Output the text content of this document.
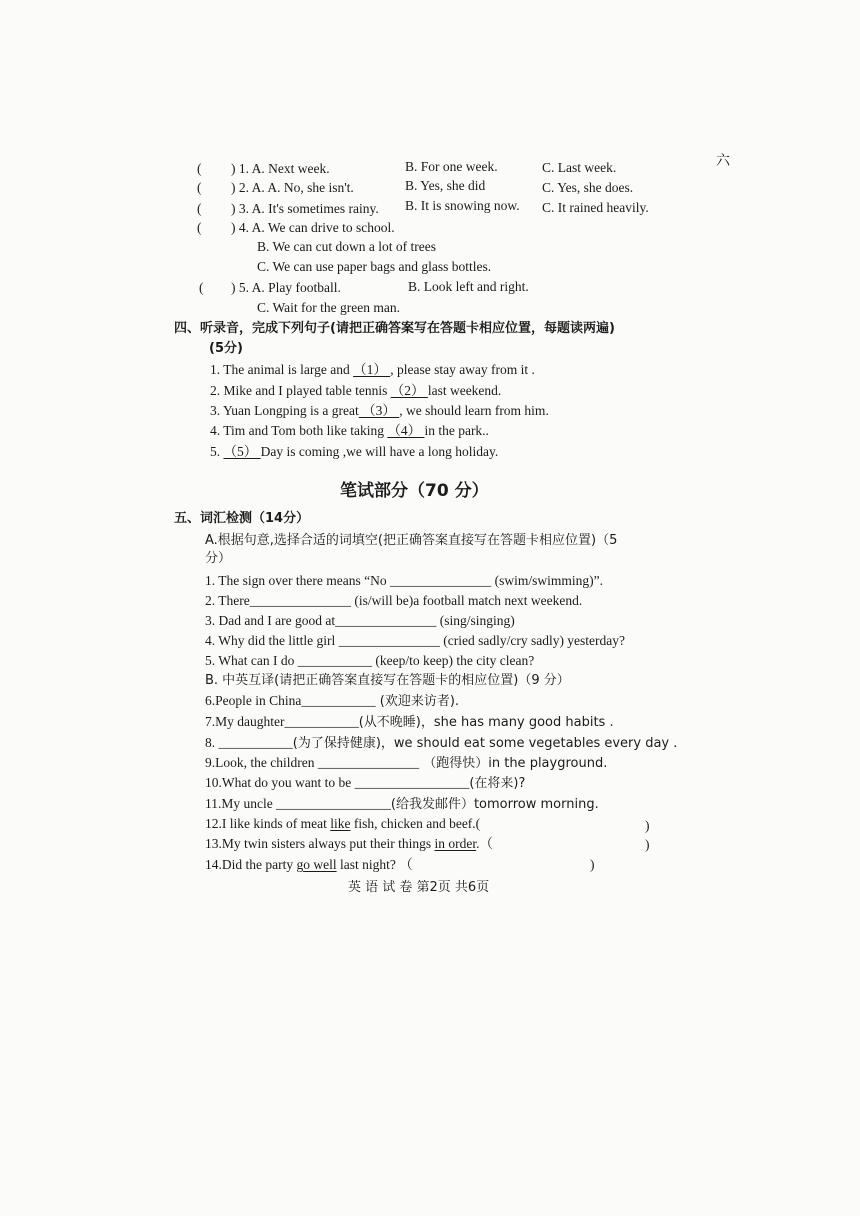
六
( ) 1. A. Next week.	B. For one week.	C. Last week.
( ) 2. A. A. No, she isn't.	B. Yes, she did	C. Yes, she does.
( ) 3. A. It's sometimes rainy. B. It is snowing now. C. It rained heavily.
( ) 4. A. We can drive to school.
B. We can cut down a lot of trees
C. We can use paper bags and glass bottles.
( ) 5. A. Play football.	B. Look left and right.
C. Wait for the green man.
四、听录音，完成下列句子(请把正确答案写在答题卡相应位置，每题读两遍)
(5分)
1. The animal is large and （1） , please stay away from it .
2. Mike and I played table tennis （2） last weekend.
3. Yuan Longping is a great （3） , we should learn from him.
4. Tim and Tom both like taking （4） in the park..
5. （5） Day is coming ,we will have a long holiday.
笔试部分（70 分）
五、词汇检测（14分）
A.根据句意,选择合适的词填空(把正确答案直接写在答题卡相应位置)（5
分）
1. The sign over there means “No _______________ (swim/swimming)”.
2. There_______________ (is/will be)a football match next weekend.
3. Dad and I are good at_______________ (sing/singing)
4. Why did the little girl _______________ (cried sadly/cry sadly) yesterday?
5. What can I do ___________ (keep/to keep) the city clean?
B. 中英互译(请把正确答案直接写在答题卡的相应位置)（9 分）
6.People in China___________ (欢迎来访者).
7.My daughter___________(从不晚睡)，she has many good habits .
8. ___________(为了保持健康)，we should eat some vegetables every day .
9.Look, the children _______________ （跑得快）in the playground.
10.What do you want to be _________________(在将来)?
11.My uncle _________________(给我发邮件）tomorrow morning.
12.I like kinds of meat like fish, chicken and beef.(	)
13.My twin sisters always put their things in order.（	)
14.Did the party go well last night? （	)
英 语 试 卷 第2页 共6页
